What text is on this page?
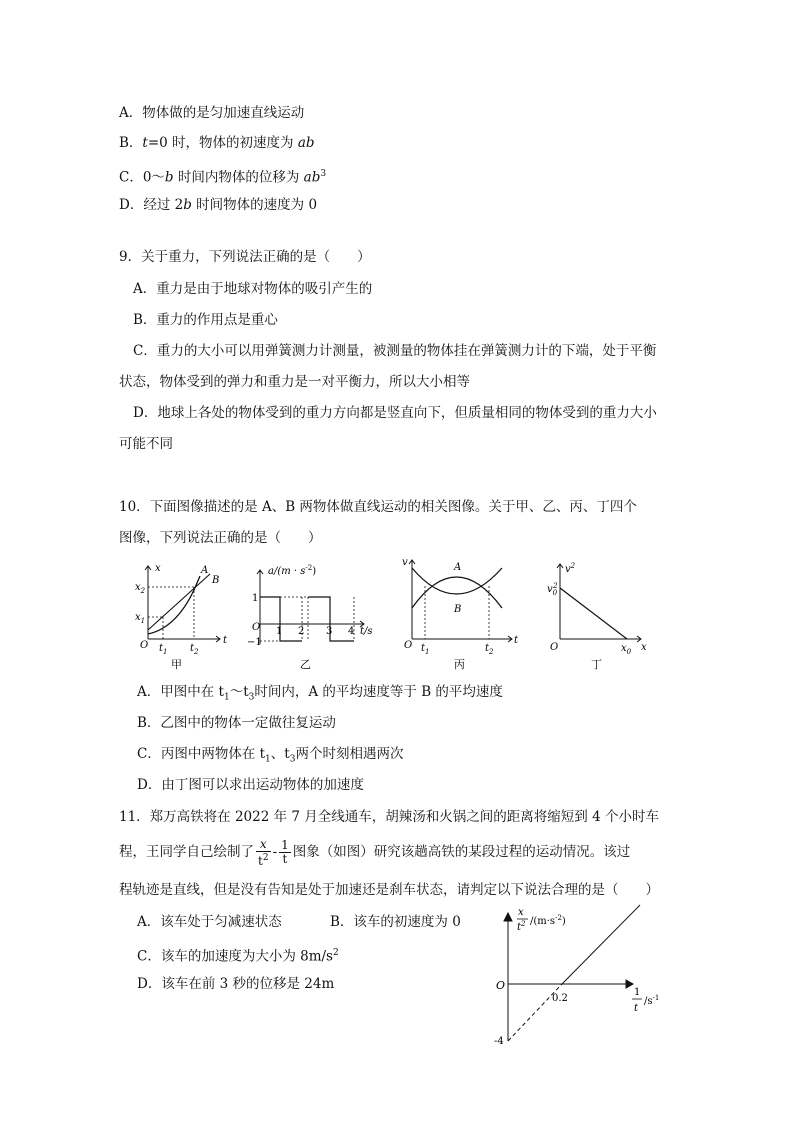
A．物体做的是匀加速直线运动
B．t=0 时，物体的初速度为 ab
C．0～b 时间内物体的位移为 $ab^3$
D．经过 2b 时间物体的速度为 0
9．关于重力，下列说法正确的是（　　）
A．重力是由于地球对物体的吸引产生的
B．重力的作用点是重心
C．重力的大小可以用弹簧测力计测量，被测量的物体挂在弹簧测力计的下端，处于平衡
状态，物体受到的弹力和重力是一对平衡力，所以大小相等
D．地球上各处的物体受到的重力方向都是竖直向下，但质量相同的物体受到的重力大小
可能不同
10．下面图像描述的是 A、B 两物体做直线运动的相关图像。关于甲、乙、丙、丁四个
图像，下列说法正确的是（　　）
x
t
O
$x_2$
$x_1$
$t_1$ $t_2$
A
B
甲
$a/(m \cdot s^{-2})$
1
−1
O 1 2 3 4 t/s
乙
v
t
O
A
B
$t_1$	$t_2$
丙
$v^2$
$v_02$
$x_0$ x
O
丁
A．甲图中在 $t_1\sim t_3$时间内，A 的平均速度等于 B 的平均速度
B．乙图中的物体一定做往复运动
C．丙图中两物体在 $t_1$、$t_3$两个时刻相遇两次
D．由丁图可以求出运动物体的加速度
11．郑万高铁将在 2022 年 7 月全线通车，胡辣汤和火锅之间的距离将缩短到 4 个小时车
程，王同学自己绘制了 $\frac{x}{t^2} - \frac{1}{t}$ 图象（如图）研究该趟高铁的某段过程的运动情况。该过
程轨迹是直线，但是没有告知是处于加速还是刹车状态，请判定以下说法合理的是（　　）
A．该车处于匀减速状态	B．该车的初速度为 0
C．该车的加速度为大小为 $8m/s^2$
D．该车在前 3 秒的位移是 24m
x
$t^2$ $/(m\cdot s^{-2})$
O
0.2
-4
1
t
$/s^{-1}$
